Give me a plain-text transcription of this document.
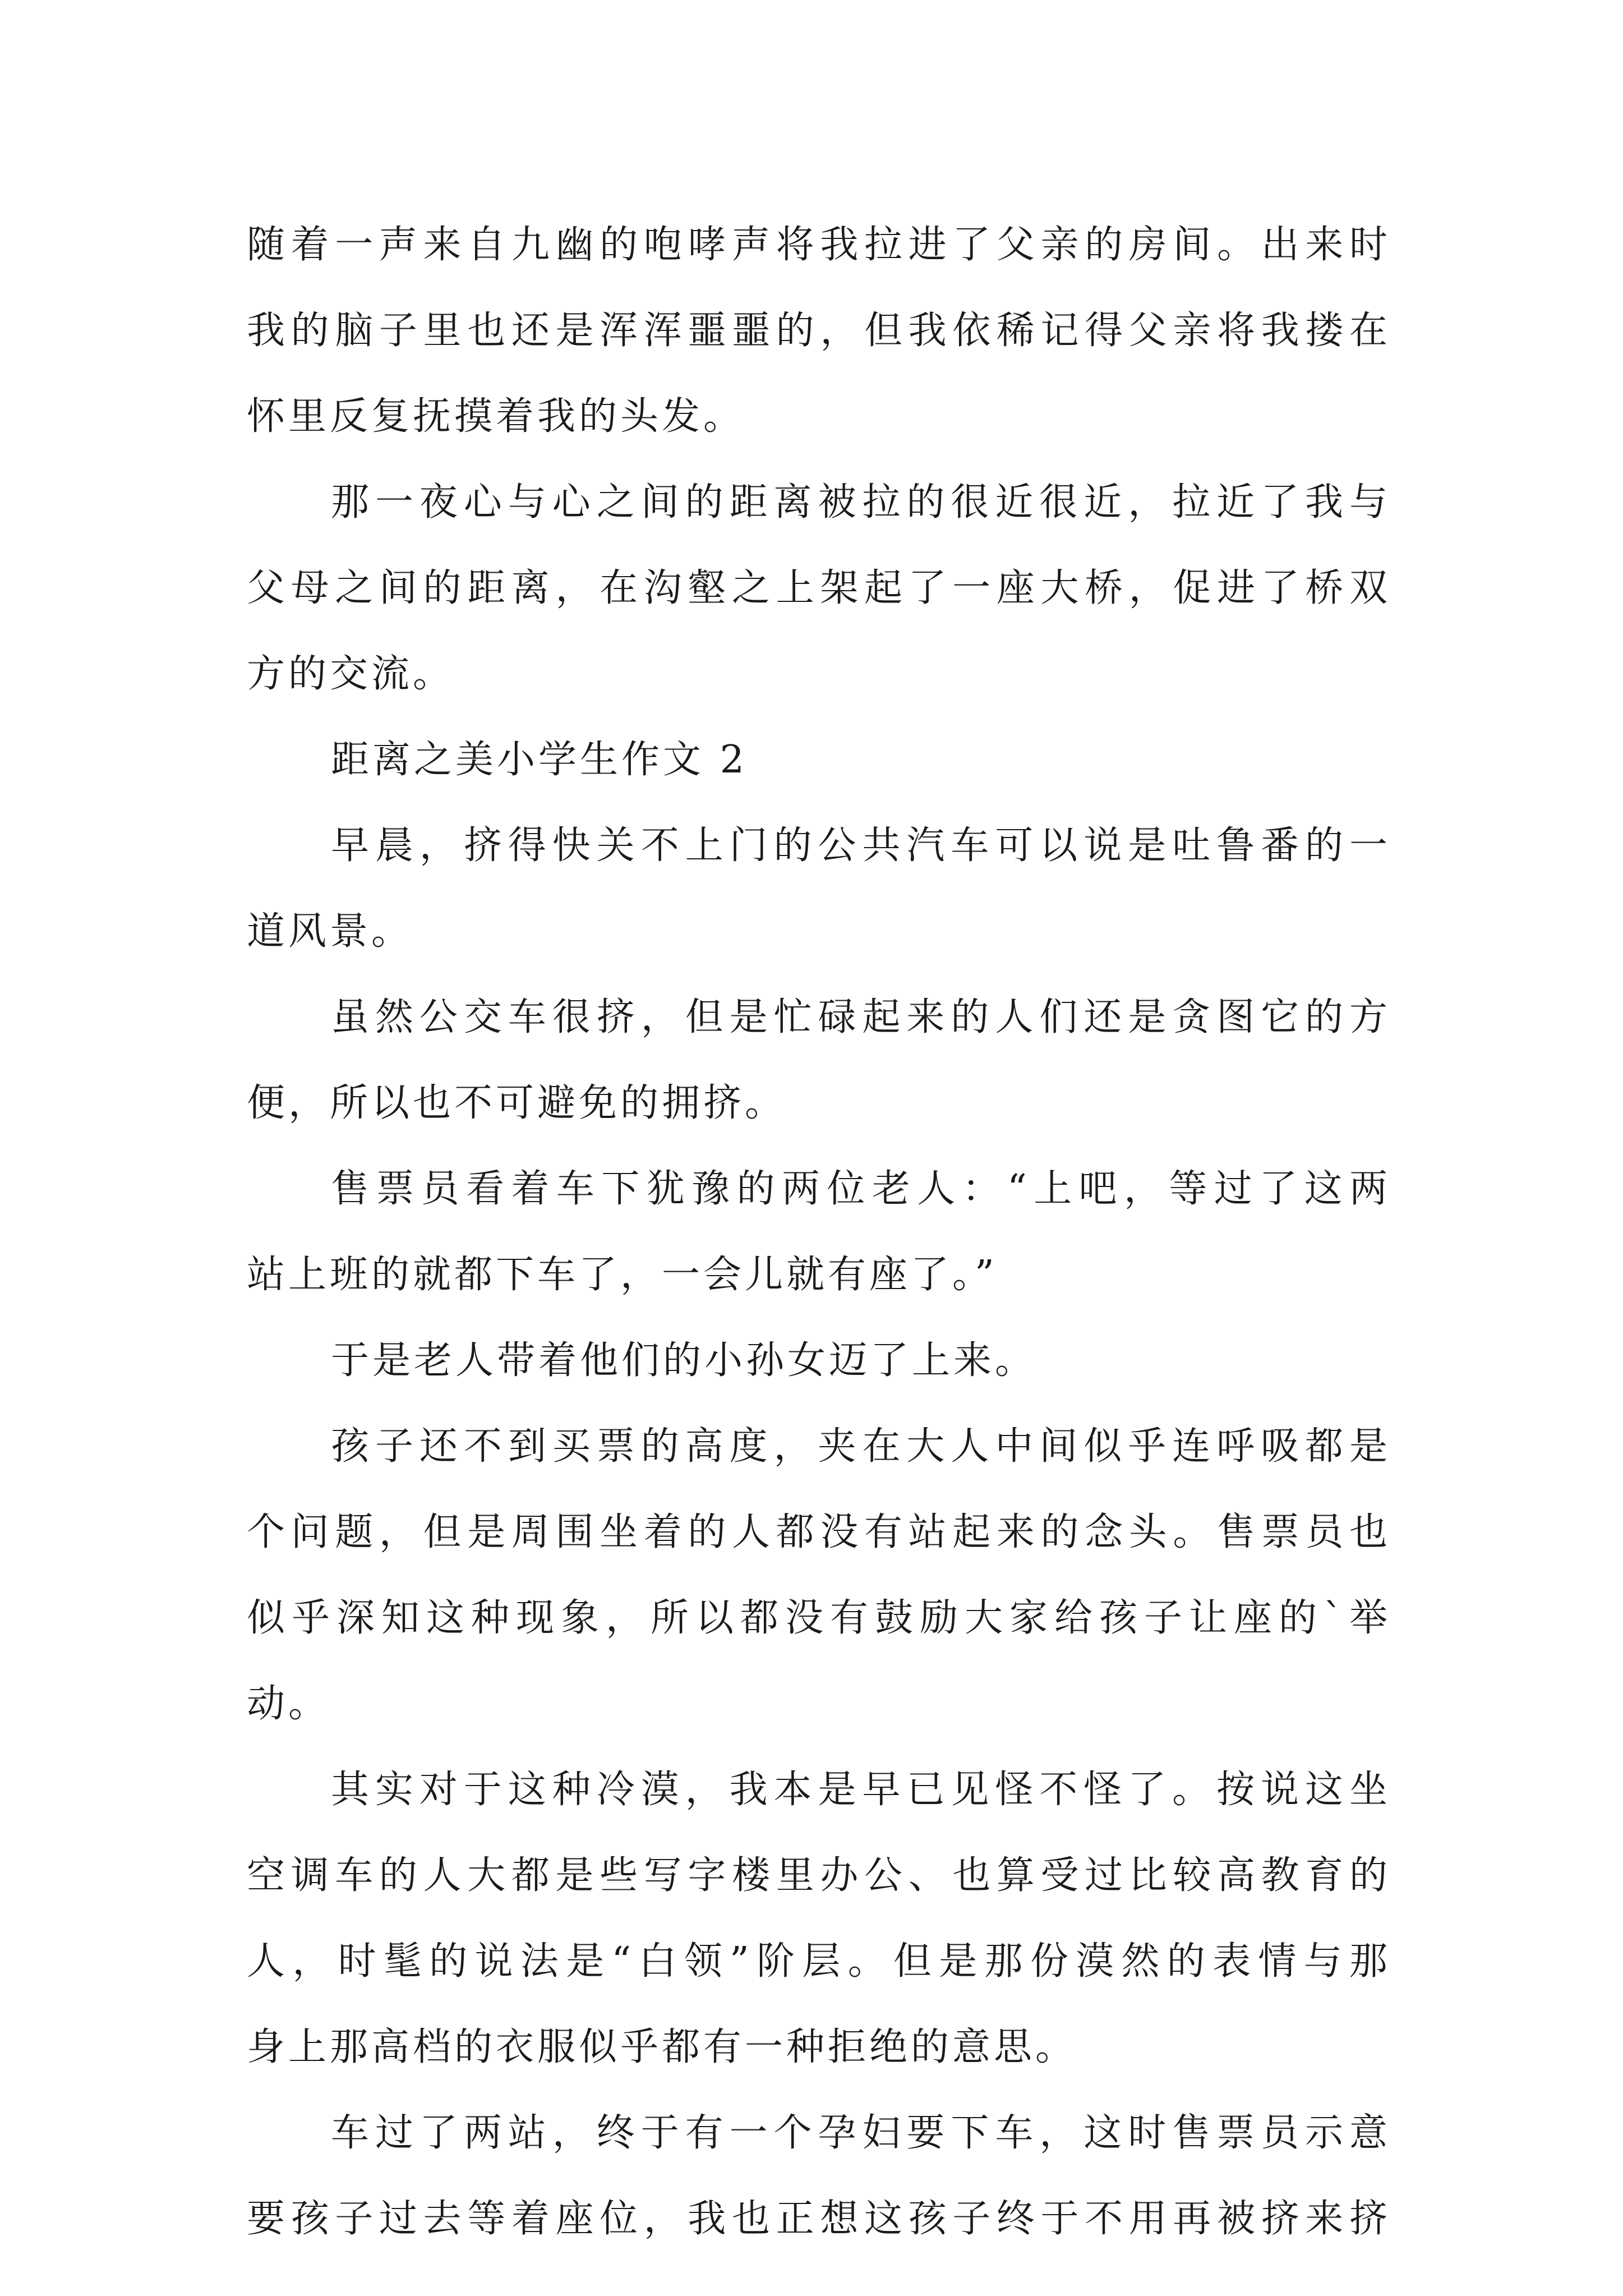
随着一声来自九幽的咆哮声将我拉进了父亲的房间。出来时
我的脑子里也还是浑浑噩噩的，但我依稀记得父亲将我搂在
怀里反复抚摸着我的头发。
那一夜心与心之间的距离被拉的很近很近，拉近了我与
父母之间的距离，在沟壑之上架起了一座大桥，促进了桥双
方的交流。
距离之美小学生作文 2
早晨，挤得快关不上门的公共汽车可以说是吐鲁番的一
道风景。
虽然公交车很挤，但是忙碌起来的人们还是贪图它的方
便，所以也不可避免的拥挤。
售票员看着车下犹豫的两位老人：“上吧，等过了这两
站上班的就都下车了，一会儿就有座了。”
于是老人带着他们的小孙女迈了上来。
孩子还不到买票的高度，夹在大人中间似乎连呼吸都是
个问题，但是周围坐着的人都没有站起来的念头。售票员也
似乎深知这种现象，所以都没有鼓励大家给孩子让座的`举
动。
其实对于这种冷漠，我本是早已见怪不怪了。按说这坐
空调车的人大都是些写字楼里办公、也算受过比较高教育的
人，时髦的说法是“白领”阶层。但是那份漠然的表情与那
身上那高档的衣服似乎都有一种拒绝的意思。
车过了两站，终于有一个孕妇要下车，这时售票员示意
要孩子过去等着座位，我也正想这孩子终于不用再被挤来挤
